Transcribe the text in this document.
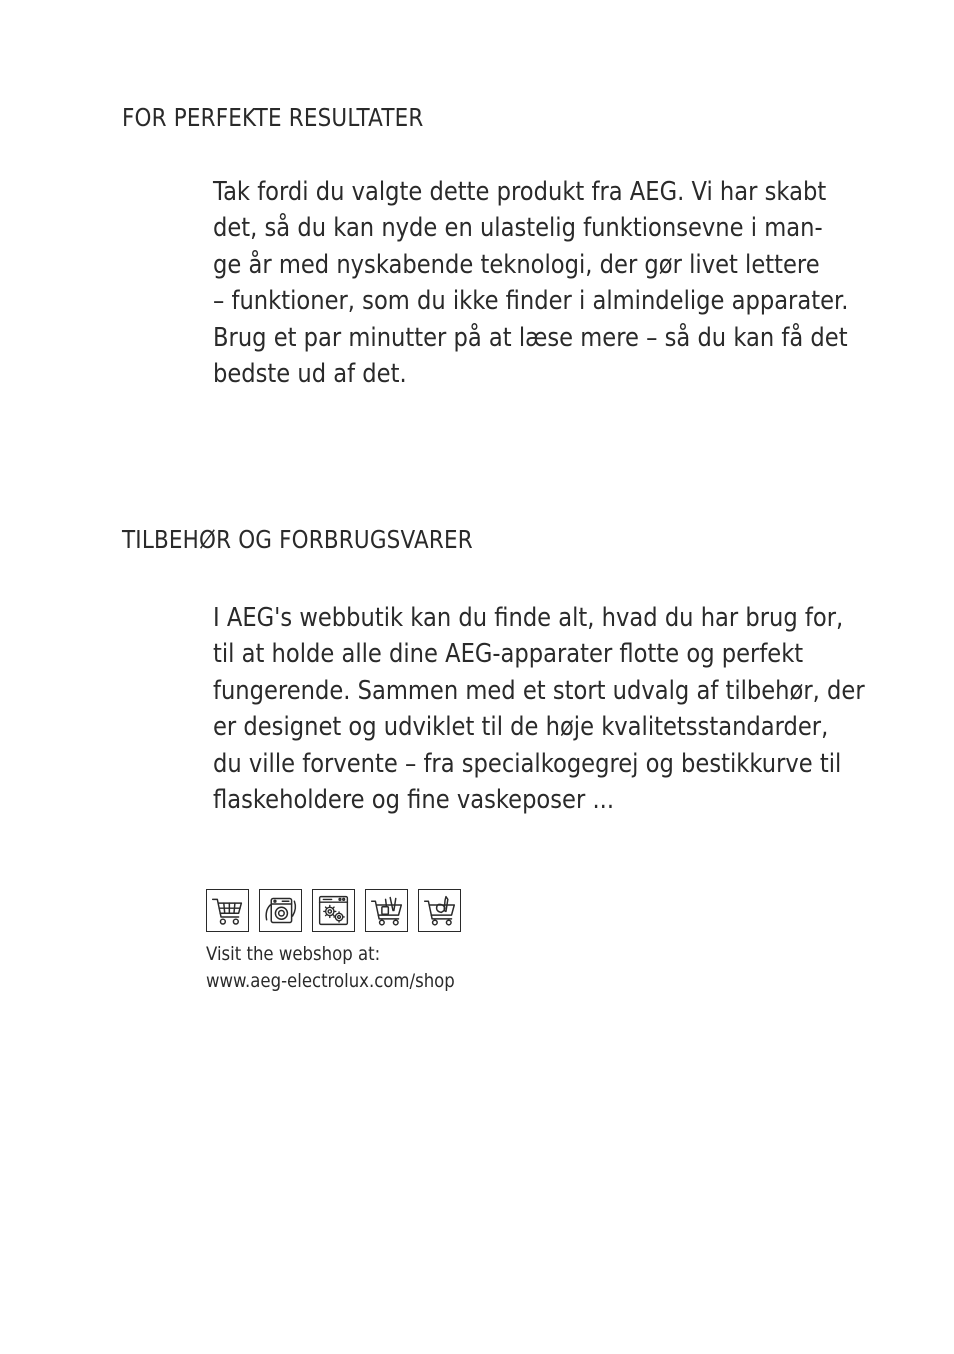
FOR PERFEKTE RESULTATER
Tak fordi du valgte dette produkt fra AEG. Vi har skabt
det, så du kan nyde en ulastelig funktionsevne i man-
ge år med nyskabende teknologi, der gør livet lettere
– funktioner, som du ikke finder i almindelige apparater.
Brug et par minutter på at læse mere – så du kan få det
bedste ud af det.
TILBEHØR OG FORBRUGSVARER
I AEG's webbutik kan du finde alt, hvad du har brug for,
til at holde alle dine AEG-apparater flotte og perfekt
fungerende. Sammen med et stort udvalg af tilbehør, der
er designet og udviklet til de høje kvalitetsstandarder,
du ville forvente – fra specialkogegrej og bestikkurve til
flaskeholdere og fine vaskeposer ...
Visit the webshop at:
www.aeg-electrolux.com/shop
